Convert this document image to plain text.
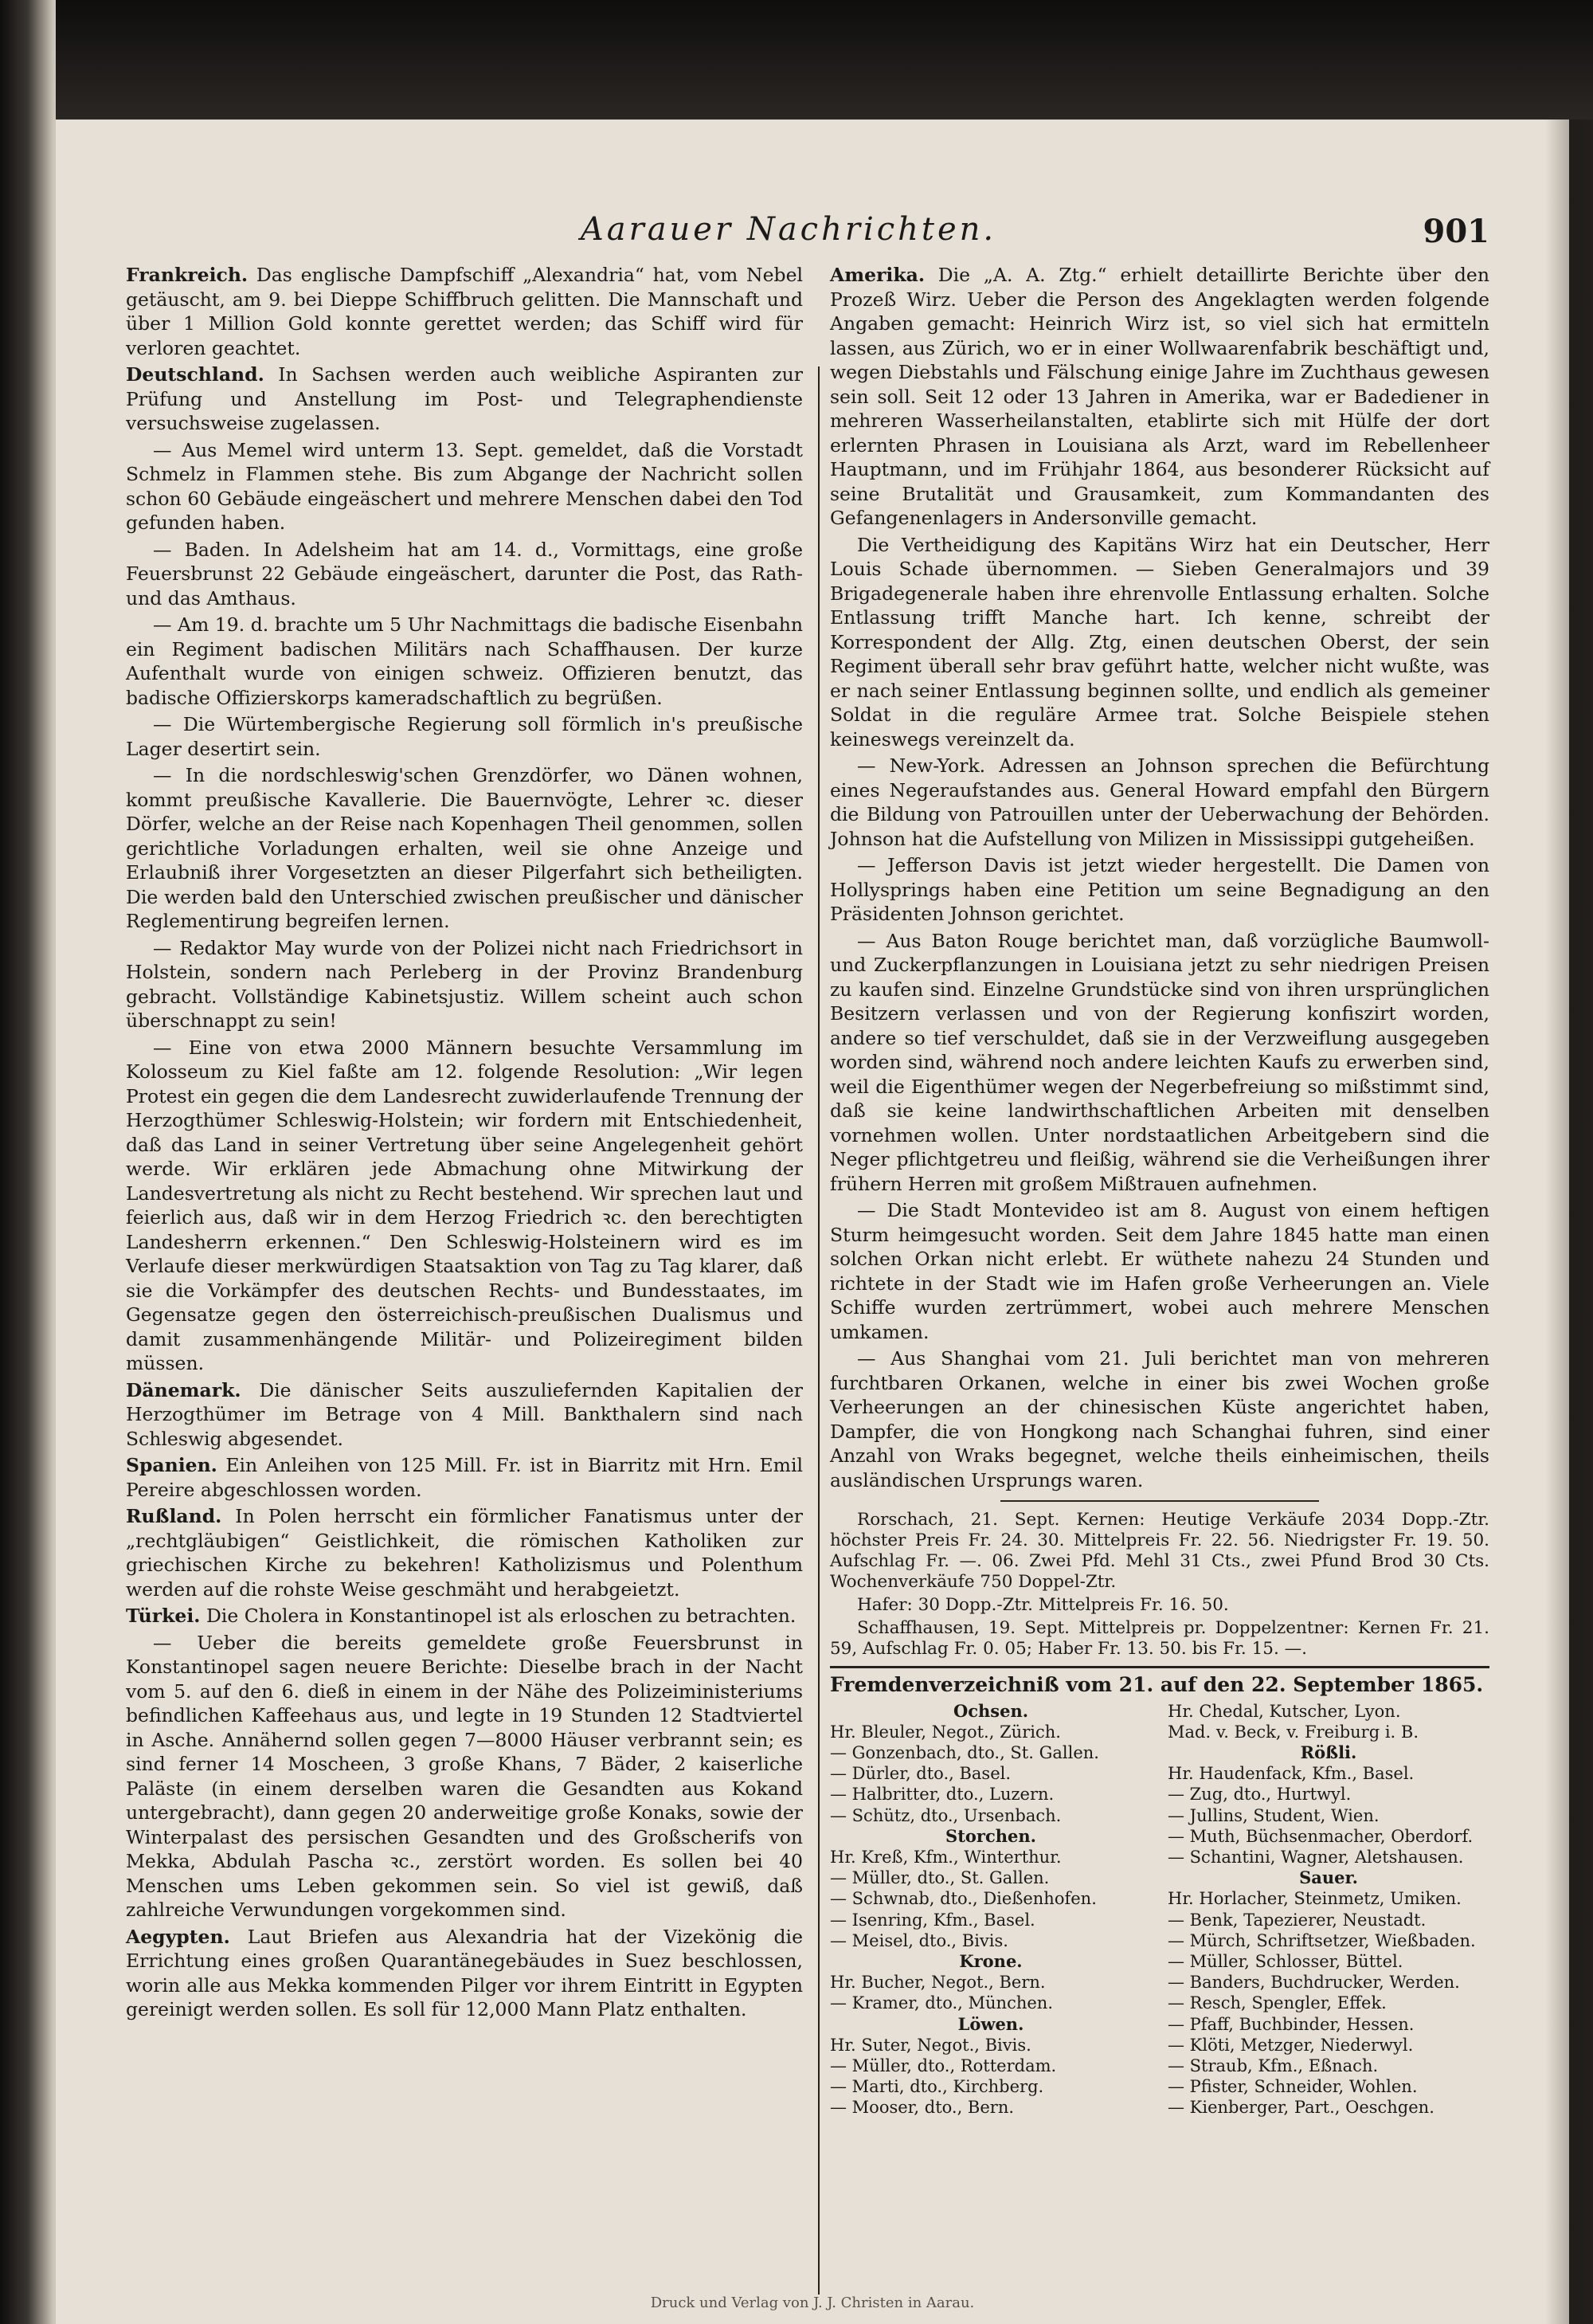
Aarauer Nachrichten.	901

Frankreich. Das englische Dampfschiff „Alexandria“ hat, vom Nebel getäuscht, am 9. bei Dieppe Schiffbruch gelitten. Die Mannschaft und über 1 Million Gold konnte gerettet werden; das Schiff wird für verloren geachtet.

Deutschland. In Sachsen werden auch weibliche Aspiranten zur Prüfung und Anstellung im Post- und Telegraphendienste versuchsweise zugelassen.

— Aus Memel wird unterm 13. Sept. gemeldet, daß die Vorstadt Schmelz in Flammen stehe. Bis zum Abgange der Nachricht sollen schon 60 Gebäude eingeäschert und mehrere Menschen dabei den Tod gefunden haben.

— Baden. In Adelsheim hat am 14. d., Vormittags, eine große Feuersbrunst 22 Gebäude eingeäschert, darunter die Post, das Rath- und das Amthaus.

— Am 19. d. brachte um 5 Uhr Nachmittags die badische Eisenbahn ein Regiment badischen Militärs nach Schaffhausen. Der kurze Aufenthalt wurde von einigen schweiz. Offizieren benutzt, das badische Offizierskorps kameradschaftlich zu begrüßen.

— Die Würtembergische Regierung soll förmlich in's preußische Lager desertirt sein.

— In die nordschleswig'schen Grenzdörfer, wo Dänen wohnen, kommt preußische Kavallerie. Die Bauernvögte, Lehrer ꝛc. dieser Dörfer, welche an der Reise nach Kopenhagen Theil genommen, sollen gerichtliche Vorladungen erhalten, weil sie ohne Anzeige und Erlaubniß ihrer Vorgesetzten an dieser Pilgerfahrt sich betheiligten. Die werden bald den Unterschied zwischen preußischer und dänischer Reglementirung begreifen lernen.

— Redaktor May wurde von der Polizei nicht nach Friedrichsort in Holstein, sondern nach Perleberg in der Provinz Brandenburg gebracht. Vollständige Kabinetsjustiz. Willem scheint auch schon überschnappt zu sein!

— Eine von etwa 2000 Männern besuchte Versammlung im Kolosseum zu Kiel faßte am 12. folgende Resolution: „Wir legen Protest ein gegen die dem Landesrecht zuwiderlaufende Trennung der Herzogthümer Schleswig-Holstein; wir fordern mit Entschiedenheit, daß das Land in seiner Vertretung über seine Angelegenheit gehört werde. Wir erklären jede Abmachung ohne Mitwirkung der Landesvertretung als nicht zu Recht bestehend. Wir sprechen laut und feierlich aus, daß wir in dem Herzog Friedrich ꝛc. den berechtigten Landesherrn erkennen.“ Den Schleswig-Holsteinern wird es im Verlaufe dieser merkwürdigen Staatsaktion von Tag zu Tag klarer, daß sie die Vorkämpfer des deutschen Rechts- und Bundesstaates, im Gegensatze gegen den österreichisch-preußischen Dualismus und damit zusammenhängende Militär- und Polizeiregiment bilden müssen.

Dänemark. Die dänischer Seits auszuliefernden Kapitalien der Herzogthümer im Betrage von 4 Mill. Bankthalern sind nach Schleswig abgesendet.

Spanien. Ein Anleihen von 125 Mill. Fr. ist in Biarritz mit Hrn. Emil Pereire abgeschlossen worden.

Rußland. In Polen herrscht ein förmlicher Fanatismus unter der „rechtgläubigen“ Geistlichkeit, die römischen Katholiken zur griechischen Kirche zu bekehren! Katholizismus und Polenthum werden auf die rohste Weise geschmäht und herabgeietzt.

Türkei. Die Cholera in Konstantinopel ist als erloschen zu betrachten.

— Ueber die bereits gemeldete große Feuersbrunst in Konstantinopel sagen neuere Berichte: Dieselbe brach in der Nacht vom 5. auf den 6. dieß in einem in der Nähe des Polizeiministeriums befindlichen Kaffeehaus aus, und legte in 19 Stunden 12 Stadtviertel in Asche. Annähernd sollen gegen 7—8000 Häuser verbrannt sein; es sind ferner 14 Moscheen, 3 große Khans, 7 Bäder, 2 kaiserliche Paläste (in einem derselben waren die Gesandten aus Kokand untergebracht), dann gegen 20 anderweitige große Konaks, sowie der Winterpalast des persischen Gesandten und des Großscherifs von Mekka, Abdulah Pascha ꝛc., zerstört worden. Es sollen bei 40 Menschen ums Leben gekommen sein. So viel ist gewiß, daß zahlreiche Verwundungen vorgekommen sind.

Aegypten. Laut Briefen aus Alexandria hat der Vizekönig die Errichtung eines großen Quarantänegebäudes in Suez beschlossen, worin alle aus Mekka kommenden Pilger vor ihrem Eintritt in Egypten gereinigt werden sollen. Es soll für 12,000 Mann Platz enthalten.

Amerika. Die „A. A. Ztg.“ erhielt detaillirte Berichte über den Prozeß Wirz. Ueber die Person des Angeklagten werden folgende Angaben gemacht: Heinrich Wirz ist, so viel sich hat ermitteln lassen, aus Zürich, wo er in einer Wollwaarenfabrik beschäftigt und, wegen Diebstahls und Fälschung einige Jahre im Zuchthaus gewesen sein soll. Seit 12 oder 13 Jahren in Amerika, war er Badediener in mehreren Wasserheilanstalten, etablirte sich mit Hülfe der dort erlernten Phrasen in Louisiana als Arzt, ward im Rebellenheer Hauptmann, und im Frühjahr 1864, aus besonderer Rücksicht auf seine Brutalität und Grausamkeit, zum Kommandanten des Gefangenenlagers in Andersonville gemacht.

Die Vertheidigung des Kapitäns Wirz hat ein Deutscher, Herr Louis Schade übernommen. — Sieben Generalmajors und 39 Brigadegenerale haben ihre ehrenvolle Entlassung erhalten. Solche Entlassung trifft Manche hart. Ich kenne, schreibt der Korrespondent der Allg. Ztg, einen deutschen Oberst, der sein Regiment überall sehr brav geführt hatte, welcher nicht wußte, was er nach seiner Entlassung beginnen sollte, und endlich als gemeiner Soldat in die reguläre Armee trat. Solche Beispiele stehen keineswegs vereinzelt da.

— New-York. Adressen an Johnson sprechen die Befürchtung eines Negeraufstandes aus. General Howard empfahl den Bürgern die Bildung von Patrouillen unter der Ueberwachung der Behörden. Johnson hat die Aufstellung von Milizen in Mississippi gutgeheißen.

— Jefferson Davis ist jetzt wieder hergestellt. Die Damen von Hollysprings haben eine Petition um seine Begnadigung an den Präsidenten Johnson gerichtet.

— Aus Baton Rouge berichtet man, daß vorzügliche Baumwoll- und Zuckerpflanzungen in Louisiana jetzt zu sehr niedrigen Preisen zu kaufen sind. Einzelne Grundstücke sind von ihren ursprünglichen Besitzern verlassen und von der Regierung konfiszirt worden, andere so tief verschuldet, daß sie in der Verzweiflung ausgegeben worden sind, während noch andere leichten Kaufs zu erwerben sind, weil die Eigenthümer wegen der Negerbefreiung so mißstimmt sind, daß sie keine landwirthschaftlichen Arbeiten mit denselben vornehmen wollen. Unter nordstaatlichen Arbeitgebern sind die Neger pflichtgetreu und fleißig, während sie die Verheißungen ihrer frühern Herren mit großem Mißtrauen aufnehmen.

— Die Stadt Montevideo ist am 8. August von einem heftigen Sturm heimgesucht worden. Seit dem Jahre 1845 hatte man einen solchen Orkan nicht erlebt. Er wüthete nahezu 24 Stunden und richtete in der Stadt wie im Hafen große Verheerungen an. Viele Schiffe wurden zertrümmert, wobei auch mehrere Menschen umkamen.

— Aus Shanghai vom 21. Juli berichtet man von mehreren furchtbaren Orkanen, welche in einer bis zwei Wochen große Verheerungen an der chinesischen Küste angerichtet haben, Dampfer, die von Hongkong nach Schanghai fuhren, sind einer Anzahl von Wraks begegnet, welche theils einheimischen, theils ausländischen Ursprungs waren.

Rorschach, 21. Sept. Kernen: Heutige Verkäufe 2034 Dopp.-Ztr. höchster Preis Fr. 24. 30. Mittelpreis Fr. 22. 56. Niedrigster Fr. 19. 50. Aufschlag Fr. —. 06. Zwei Pfd. Mehl 31 Cts., zwei Pfund Brod 30 Cts. Wochenverkäufe 750 Doppel-Ztr.

Hafer: 30 Dopp.-Ztr. Mittelpreis Fr. 16. 50.

Schaffhausen, 19. Sept. Mittelpreis pr. Doppelzentner: Kernen Fr. 21. 59, Aufschlag Fr. 0. 05; Haber Fr. 13. 50. bis Fr. 15. —.

Fremdenverzeichniß vom 21. auf den 22. September 1865.
Ochsen.
Hr. Bleuler, Negot., Zürich.
— Gonzenbach, dto., St. Gallen.
— Dürler, dto., Basel.
— Halbritter, dto., Luzern.
— Schütz, dto., Ursenbach.
Storchen.
Hr. Kreß, Kfm., Winterthur.
— Müller, dto., St. Gallen.
— Schwnab, dto., Dießenhofen.
— Isenring, Kfm., Basel.
— Meisel, dto., Bivis.
Krone.
Hr. Bucher, Negot., Bern.
— Kramer, dto., München.
Löwen.
Hr. Suter, Negot., Bivis.
— Müller, dto., Rotterdam.
— Marti, dto., Kirchberg.
— Mooser, dto., Bern.
Hr. Chedal, Kutscher, Lyon.
Mad. v. Beck, v. Freiburg i. B.
Rößli.
Hr. Haudenfack, Kfm., Basel.
— Zug, dto., Hurtwyl.
— Jullins, Student, Wien.
— Muth, Büchsenmacher, Oberdorf.
— Schantini, Wagner, Aletshausen.
Sauer.
Hr. Horlacher, Steinmetz, Umiken.
— Benk, Tapezierer, Neustadt.
— Mürch, Schriftsetzer, Wießbaden.
— Müller, Schlosser, Büttel.
— Banders, Buchdrucker, Werden.
— Resch, Spengler, Effek.
— Pfaff, Buchbinder, Hessen.
— Klöti, Metzger, Niederwyl.
— Straub, Kfm., Eßnach.
— Pfister, Schneider, Wohlen.
— Kienberger, Part., Oeschgen.
Druck und Verlag von J. J. Christen in Aarau.
